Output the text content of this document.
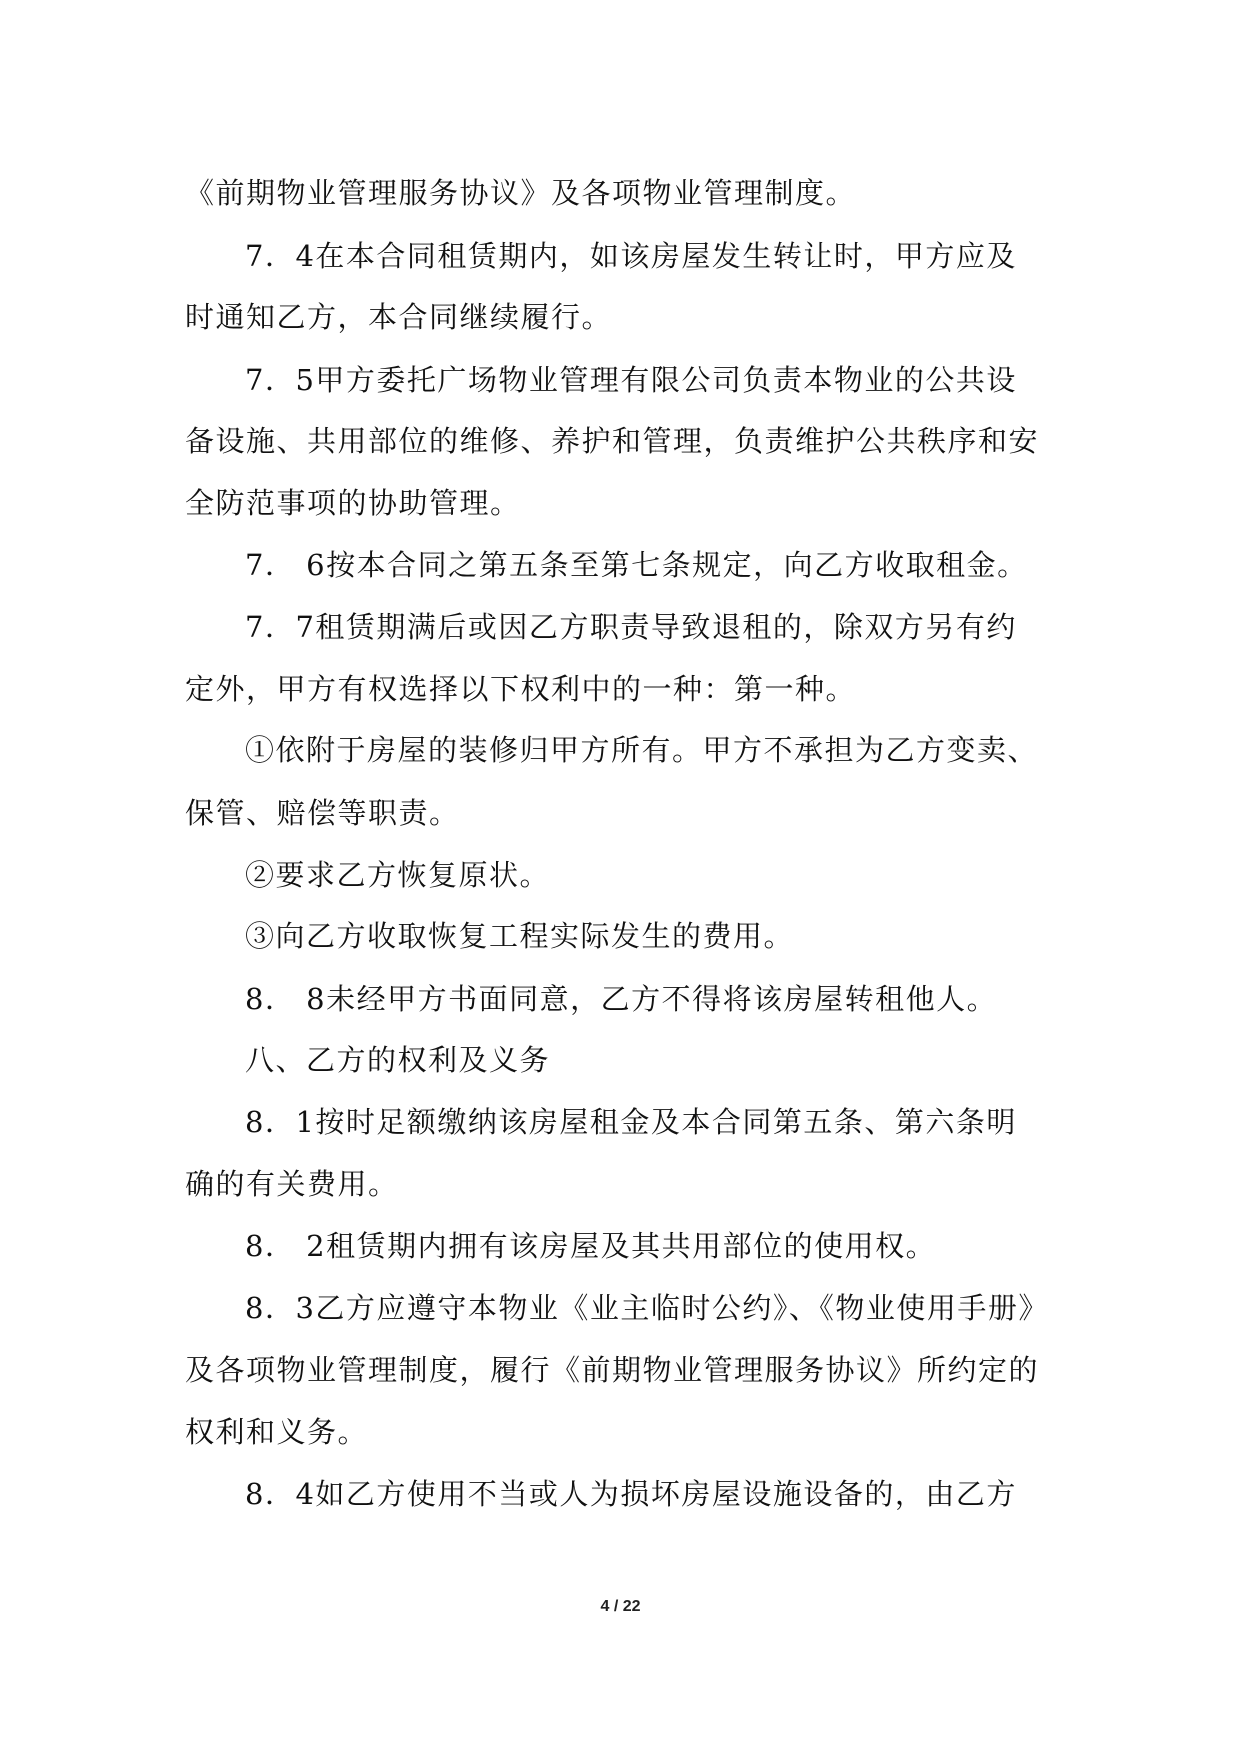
《前期物业管理服务协议》及各项物业管理制度。

7．4在本合同租赁期内，如该房屋发生转让时，甲方应及

时通知乙方，本合同继续履行。

7．5甲方委托广场物业管理有限公司负责本物业的公共设

备设施、共用部位的维修、养护和管理，负责维护公共秩序和安

全防范事项的协助管理。

7． 6按本合同之第五条至第七条规定，向乙方收取租金。

7．7租赁期满后或因乙方职责导致退租的，除双方另有约

定外，甲方有权选择以下权利中的一种：第一种。

①依附于房屋的装修归甲方所有。甲方不承担为乙方变卖、

保管、赔偿等职责。

②要求乙方恢复原状。

③向乙方收取恢复工程实际发生的费用。

8． 8未经甲方书面同意，乙方不得将该房屋转租他人。

八、乙方的权利及义务

8．1按时足额缴纳该房屋租金及本合同第五条、第六条明

确的有关费用。

8． 2租赁期内拥有该房屋及其共用部位的使用权。

8．3乙方应遵守本物业《业主临时公约》、《物业使用手册》

及各项物业管理制度，履行《前期物业管理服务协议》所约定的

权利和义务。

8．4如乙方使用不当或人为损坏房屋设施设备的，由乙方

4 / 22
